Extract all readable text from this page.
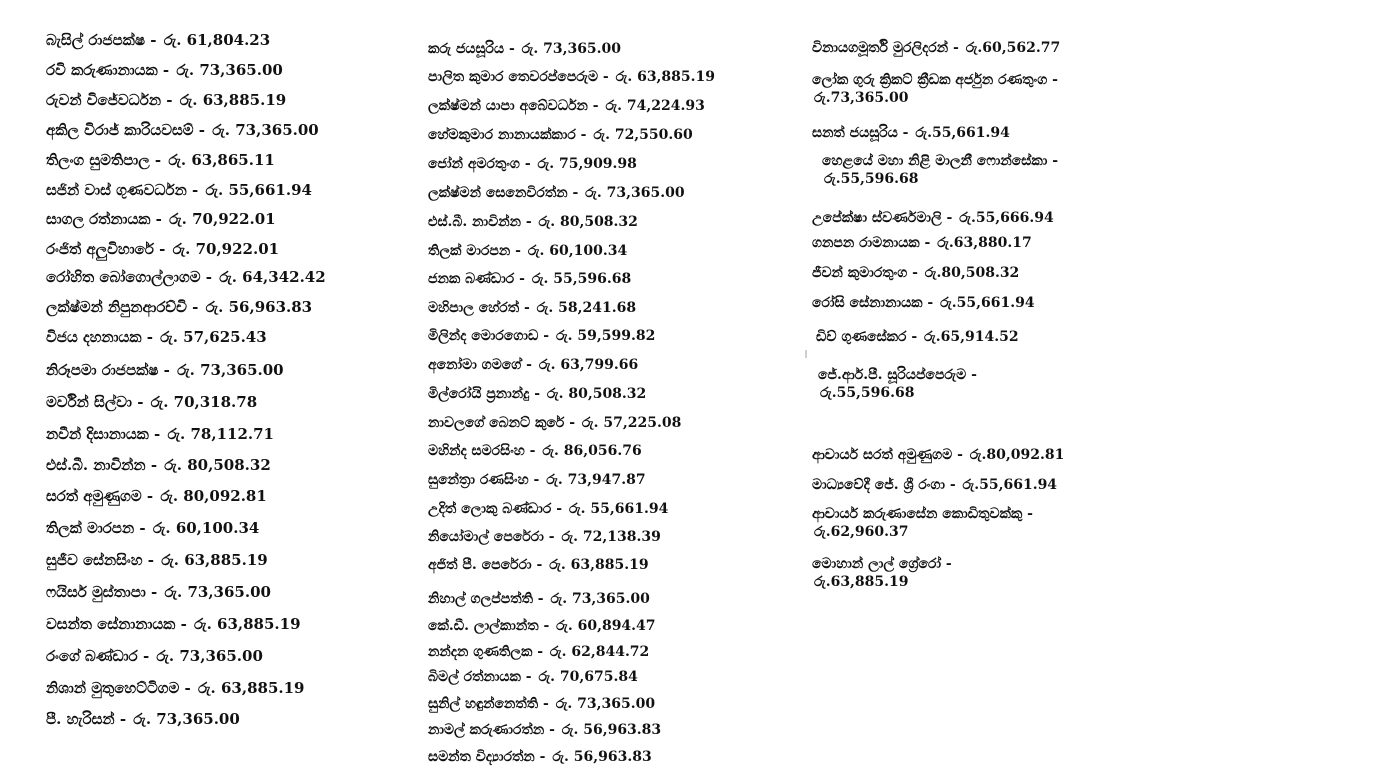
බැසිල් රාජපක්ෂ - රු. 61,804.23
රවි කරුණානායක - රු. 73,365.00
රුවන් විජේවර්ධන - රු. 63,885.19
අකිල විරාජ් කාරියවසම් - රු. 73,365.00
තිලංග සුමතිපාල - රු. 63,865.11
සජින් වාස් ගුණවර්ධන - රු. 55,661.94
සාගල රත්නායක - රු. 70,922.01
රංජිත් අලුවිහාරේ - රු. 70,922.01
රෝහිත බෝගොල්ලාගම - රු. 64,342.42
ලක්ෂ්මන් නිපුනආරච්චි - රු. 56,963.83
විජය දහනායක - රු. 57,625.43
නිරූපමා රාජපක්ෂ - රු. 73,365.00
මර්වින් සිල්වා - රු. 70,318.78
නවීන් දිසානායක - රු. 78,112.71
එස්.බී. නාවින්න - රු. 80,508.32
සරත් අමුණුගම - රු. 80,092.81
තිලක් මාරපන - රු. 60,100.34
සුජීව සේනසිංහ - රු. 63,885.19
ෆයිසර් මුස්තාපා - රු. 73,365.00
වසන්ත සේනානායක - රු. 63,885.19
රංගේ බණ්ඩාර - රු. 73,365.00
නිශාන් මුතුහෙට්ටිගම - රු. 63,885.19
පී. හැරිසන් - රු. 73,365.00
කරු ජයසූරිය - රු. 73,365.00
පාලිත කුමාර තෙවරප්පෙරුම - රු. 63,885.19
ලක්ෂ්මන් යාපා අබේවර්ධන - රු. 74,224.93
හේමකුමාර නානායක්කාර - රු. 72,550.60
ජෝන් අමරතුංග - රු. 75,909.98
ලක්ෂ්මන් සෙනෙවිරත්න - රු. 73,365.00
එස්.බී. නාවින්න - රු. 80,508.32
තිලක් මාරපන - රු. 60,100.34
ජනක බණ්ඩාර - රු. 55,596.68
මහිපාල හේරත් - රු. 58,241.68
මිලින්ද මොරගොඩ - රු. 59,599.82
අනෝමා ගමගේ - රු. 63,799.66
මිල්රෝයි ප්‍රනාන්දු - රු. 80,508.32
නාවලගේ බෙනට් කුරේ - රු. 57,225.08
මහින්ද සමරසිංහ - රු. 86,056.76
සුනේත්‍රා රණසිංහ - රු. 73,947.87
උදිත් ලොකු බණ්ඩාර - රු. 55,661.94
නියෝමාල් පෙරේරා - රු. 72,138.39
අජිත් පී. පෙරේරා - රු. 63,885.19
නිහාල් ගලප්පත්ති - රු. 73,365.00
කේ.ඩී. ලාල්කාන්ත - රු. 60,894.47
නන්දන ගුණතිලක - රු. 62,844.72
බිමල් රත්නායක - රු. 70,675.84
සුනිල් හඳුන්නෙත්ති - රු. 73,365.00
නාමල් කරුණාරත්න - රු. 56,963.83
සමන්ත විද්‍යාරත්න - රු. 56,963.83
විනායගමූර්ති මුරලිදරන් - රු.60,562.77
ලෝක ගුරු ක්‍රිකට් ක්‍රීඩක අර්ජුන රණතුංග -
රු.73,365.00
සනත් ජයසූරිය - රු.55,661.94
හෙළයේ මහා නිළි මාලනී ෆොන්සේකා -
රු.55,596.68
උපේක්ෂා ස්වර්ණමාලි - රු.55,666.94
ගනපන රාමනායක - රු.63,880.17
ජීවන් කුමාරතුංග - රු.80,508.32
රෝසි සේනානායක - රු.55,661.94
ඩිව් ගුණසේකර - රු.65,914.52
ජේ.ආර්.පී. සූරියප්පෙරුම -
රු.55,596.68
ආචාර්ය සරත් අමුණුගම - රු.80,092.81
මාධ්‍යවේදී ජේ. ශ්‍රී රංගා - රු.55,661.94
ආචාර්ය කරුණාසේන කොඩිතුවක්කු -
රු.62,960.37
මොහාන් ලාල් ග්‍රේරෝ -
රු.63,885.19
